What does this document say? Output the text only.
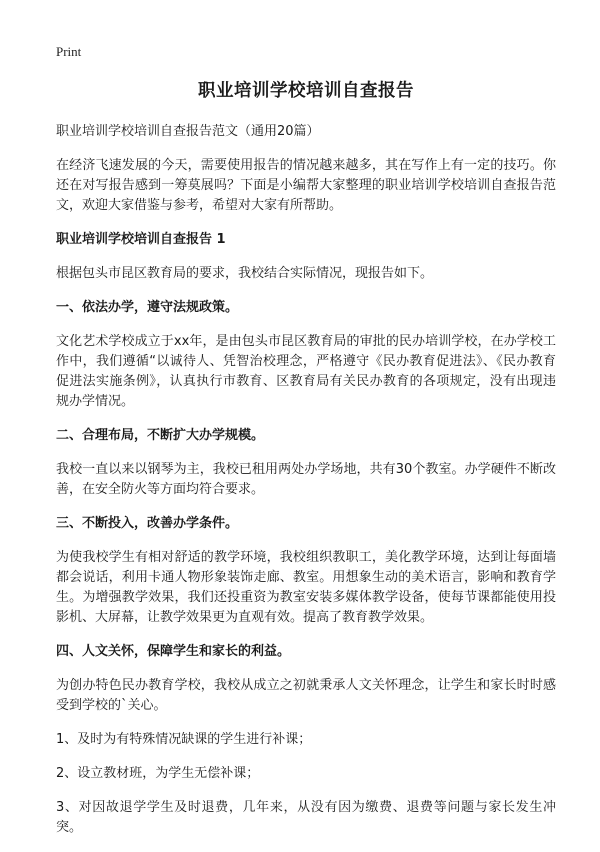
Print
职业培训学校培训自查报告

职业培训学校培训自查报告范文（通用20篇）

在经济飞速发展的今天，需要使用报告的情况越来越多，其在写作上有一定的技巧。你还在对写报告感到一筹莫展吗？下面是小编帮大家整理的职业培训学校培训自查报告范文，欢迎大家借鉴与参考，希望对大家有所帮助。

职业培训学校培训自查报告 1

根据包头市昆区教育局的要求，我校结合实际情况，现报告如下。

一、依法办学，遵守法规政策。

文化艺术学校成立于xx年，是由包头市昆区教育局的审批的民办培训学校，在办学校工作中，我们遵循“以诚待人、凭智治校理念，严格遵守《民办教育促进法》、《民办教育促进法实施条例》，认真执行市教育、区教育局有关民办教育的各项规定，没有出现违规办学情况。

二、合理布局，不断扩大办学规模。

我校一直以来以钢琴为主，我校已租用两处办学场地，共有30个教室。办学硬件不断改善，在安全防火等方面均符合要求。

三、不断投入，改善办学条件。

为使我校学生有相对舒适的教学环境，我校组织教职工，美化教学环境，达到让每面墙都会说话，利用卡通人物形象装饰走廊、教室。用想象生动的美术语言，影响和教育学生。为增强教学效果，我们还投重资为教室安装多媒体教学设备，使每节课都能使用投影机、大屏幕，让教学效果更为直观有效。提高了教育教学效果。

四、人文关怀，保障学生和家长的利益。

为创办特色民办教育学校，我校从成立之初就秉承人文关怀理念，让学生和家长时时感受到学校的`关心。

1、及时为有特殊情况缺课的学生进行补课；

2、设立教材班，为学生无偿补课；

3、对因故退学学生及时退费，几年来，从没有因为缴费、退费等问题与家长发生冲突。
